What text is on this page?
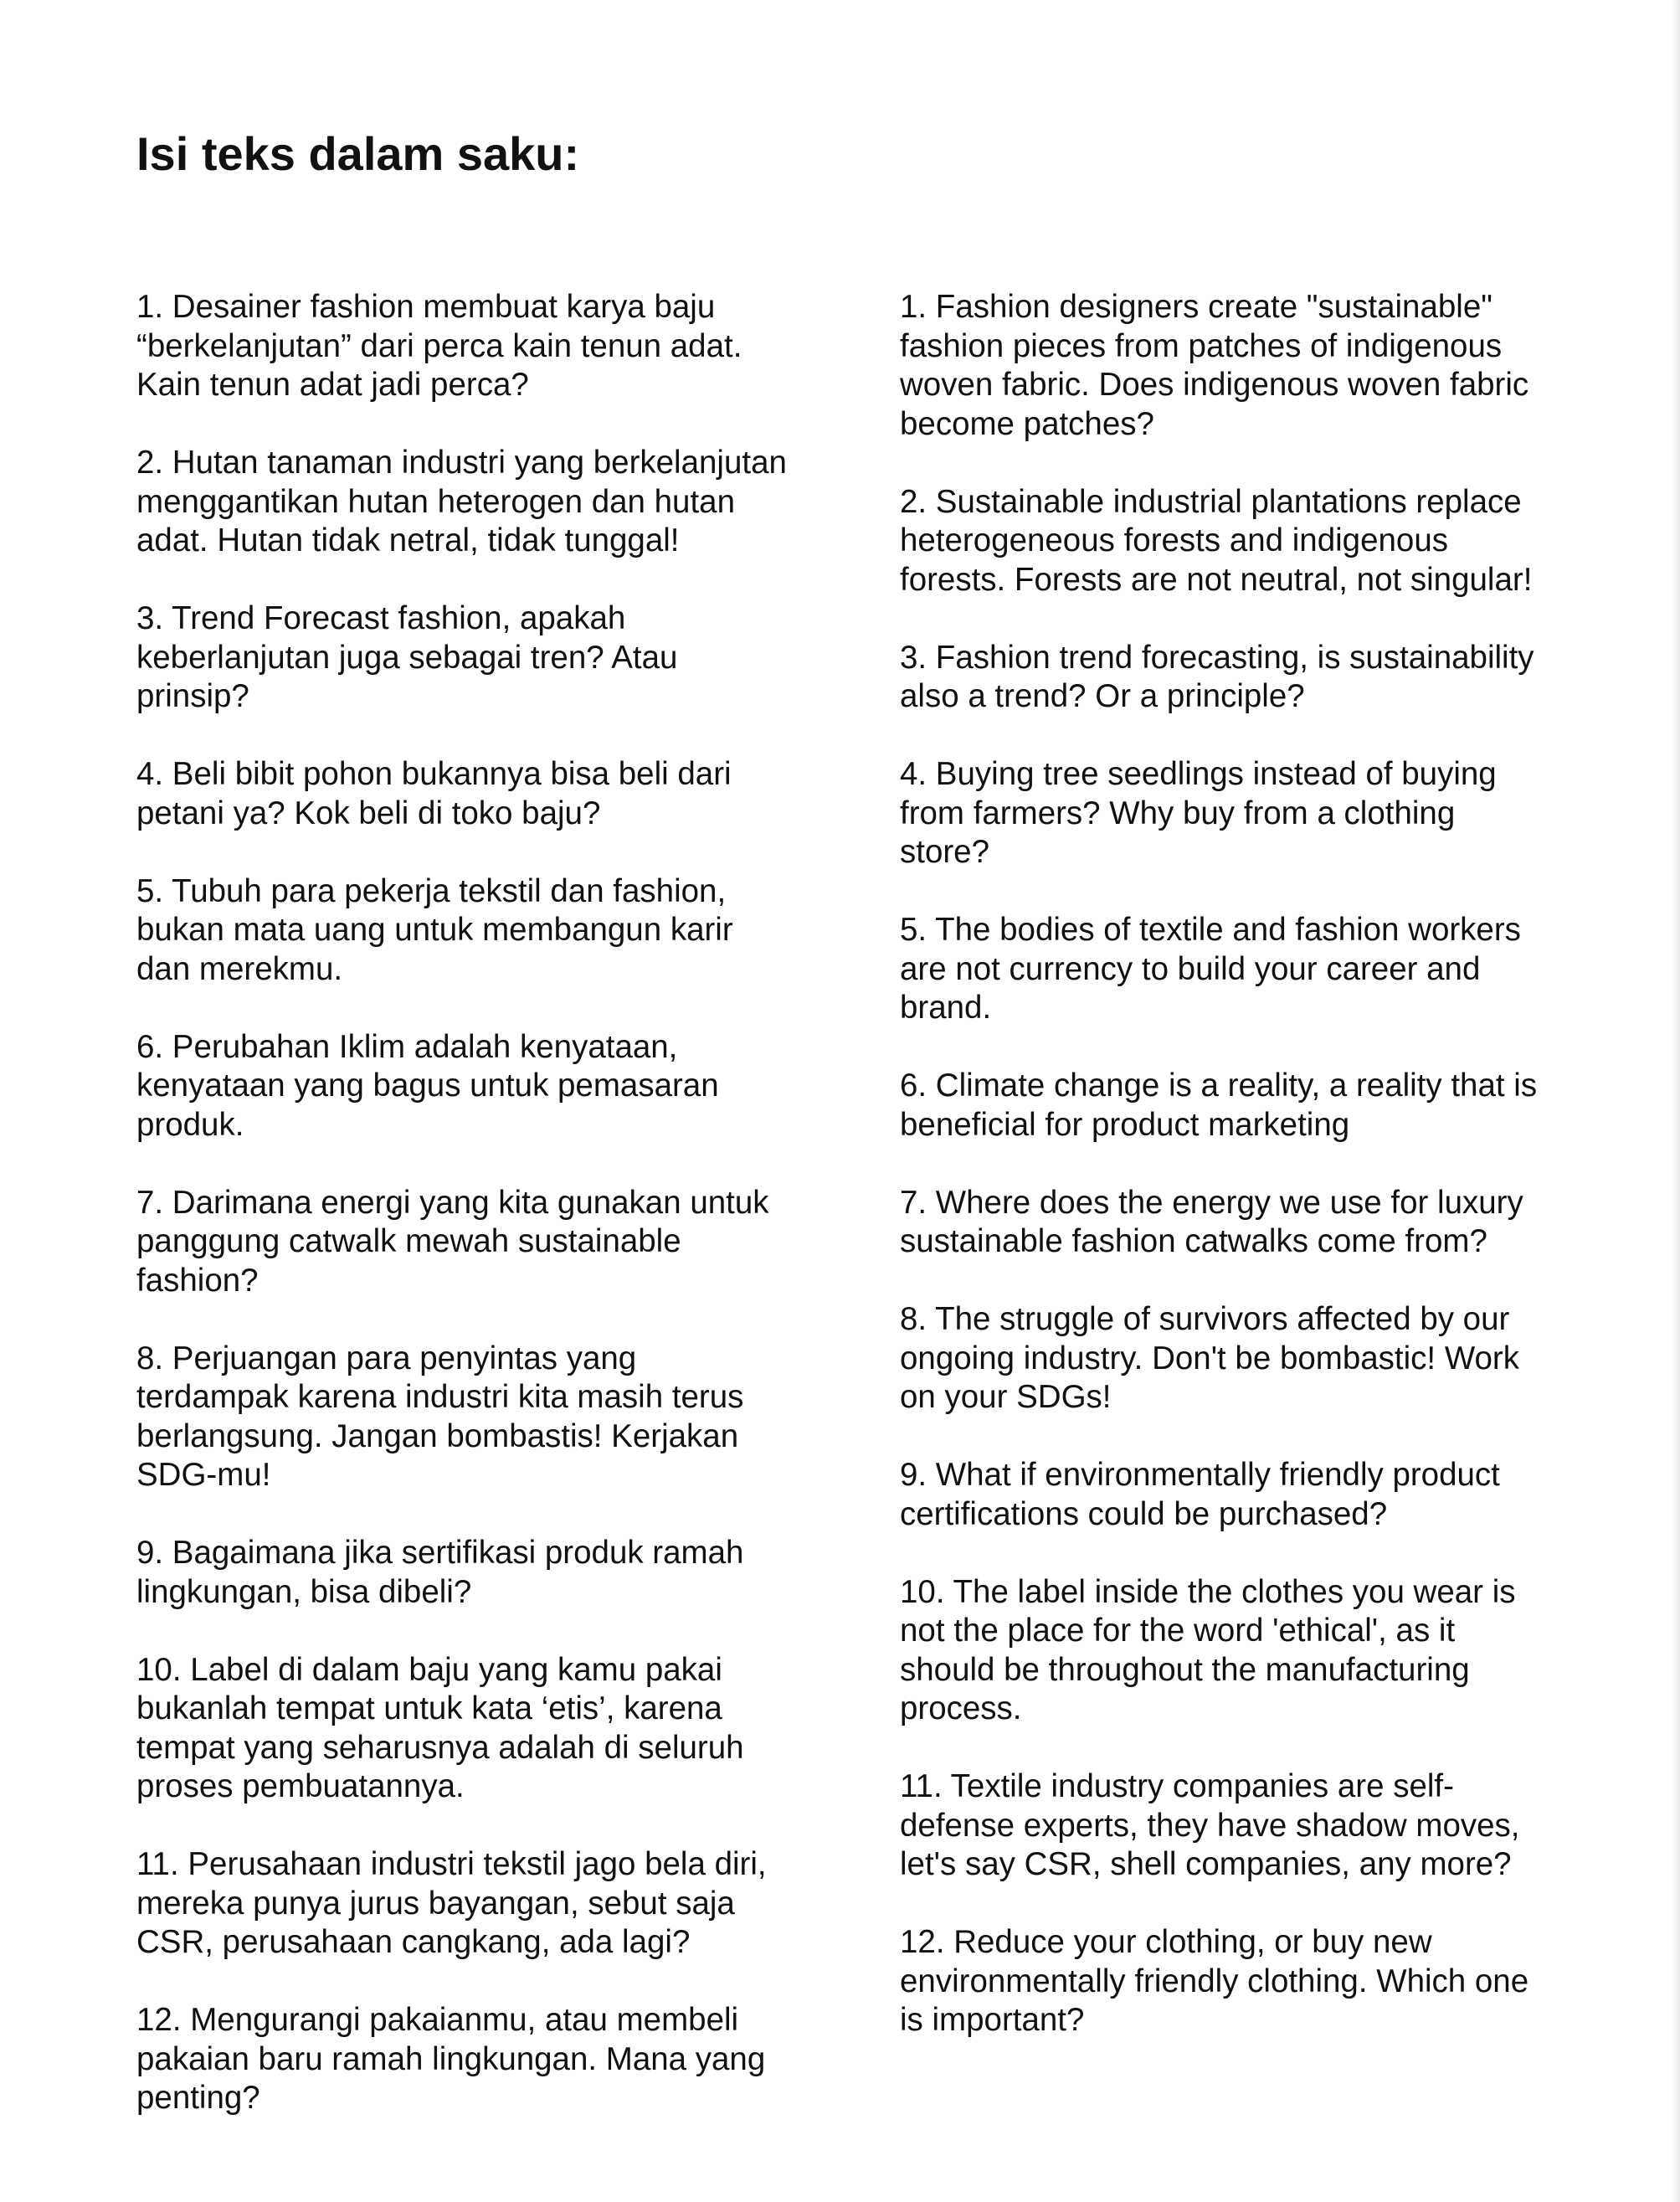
Isi teks dalam saku:
1. Desainer fashion membuat karya baju
“berkelanjutan” dari perca kain tenun adat.
Kain tenun adat jadi perca?
2. Hutan tanaman industri yang berkelanjutan
menggantikan hutan heterogen dan hutan
adat. Hutan tidak netral, tidak tunggal!
3. Trend Forecast fashion, apakah
keberlanjutan juga sebagai tren? Atau
prinsip?
4. Beli bibit pohon bukannya bisa beli dari
petani ya? Kok beli di toko baju?
5. Tubuh para pekerja tekstil dan fashion,
bukan mata uang untuk membangun karir
dan merekmu.
6. Perubahan Iklim adalah kenyataan,
kenyataan yang bagus untuk pemasaran
produk.
7. Darimana energi yang kita gunakan untuk
panggung catwalk mewah sustainable
fashion?
8. Perjuangan para penyintas yang
terdampak karena industri kita masih terus
berlangsung. Jangan bombastis! Kerjakan
SDG-mu!
9. Bagaimana jika sertifikasi produk ramah
lingkungan, bisa dibeli?
10. Label di dalam baju yang kamu pakai
bukanlah tempat untuk kata ‘etis’, karena
tempat yang seharusnya adalah di seluruh
proses pembuatannya.
11. Perusahaan industri tekstil jago bela diri,
mereka punya jurus bayangan, sebut saja
CSR, perusahaan cangkang, ada lagi?
12. Mengurangi pakaianmu, atau membeli
pakaian baru ramah lingkungan. Mana yang
penting?
1. Fashion designers create "sustainable"
fashion pieces from patches of indigenous
woven fabric. Does indigenous woven fabric
become patches?
2. Sustainable industrial plantations replace
heterogeneous forests and indigenous
forests. Forests are not neutral, not singular!
3. Fashion trend forecasting, is sustainability
also a trend? Or a principle?
4. Buying tree seedlings instead of buying
from farmers? Why buy from a clothing
store?
5. The bodies of textile and fashion workers
are not currency to build your career and
brand.
6. Climate change is a reality, a reality that is
beneficial for product marketing
7. Where does the energy we use for luxury
sustainable fashion catwalks come from?
8. The struggle of survivors affected by our
ongoing industry. Don't be bombastic! Work
on your SDGs!
9. What if environmentally friendly product
certifications could be purchased?
10. The label inside the clothes you wear is
not the place for the word 'ethical', as it
should be throughout the manufacturing
process.
11. Textile industry companies are self-
defense experts, they have shadow moves,
let's say CSR, shell companies, any more?
12. Reduce your clothing, or buy new
environmentally friendly clothing. Which one
is important?
